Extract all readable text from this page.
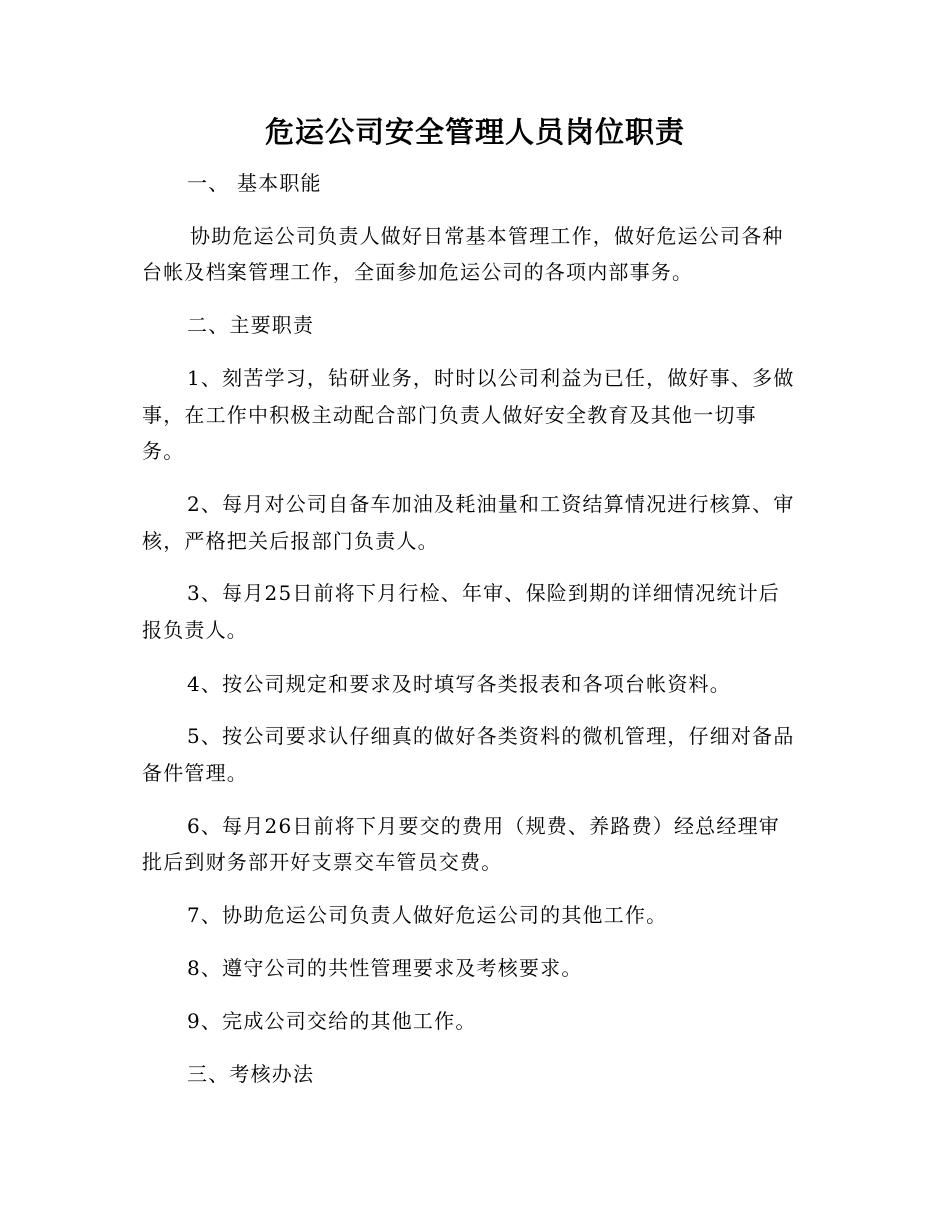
危运公司安全管理人员岗位职责
一、 基本职能
协助危运公司负责人做好日常基本管理工作，做好危运公司各种
台帐及档案管理工作，全面参加危运公司的各项内部事务。
二、主要职责
1、刻苦学习，钻研业务，时时以公司利益为已任，做好事、多做
事，在工作中积极主动配合部门负责人做好安全教育及其他一切事
务。
2、每月对公司自备车加油及耗油量和工资结算情况进行核算、审
核，严格把关后报部门负责人。
3、每月25日前将下月行检、年审、保险到期的详细情况统计后
报负责人。
4、按公司规定和要求及时填写各类报表和各项台帐资料。
5、按公司要求认仔细真的做好各类资料的微机管理，仔细对备品
备件管理。
6、每月26日前将下月要交的费用（规费、养路费）经总经理审
批后到财务部开好支票交车管员交费。
7、协助危运公司负责人做好危运公司的其他工作。
8、遵守公司的共性管理要求及考核要求。
9、完成公司交给的其他工作。
三、考核办法
